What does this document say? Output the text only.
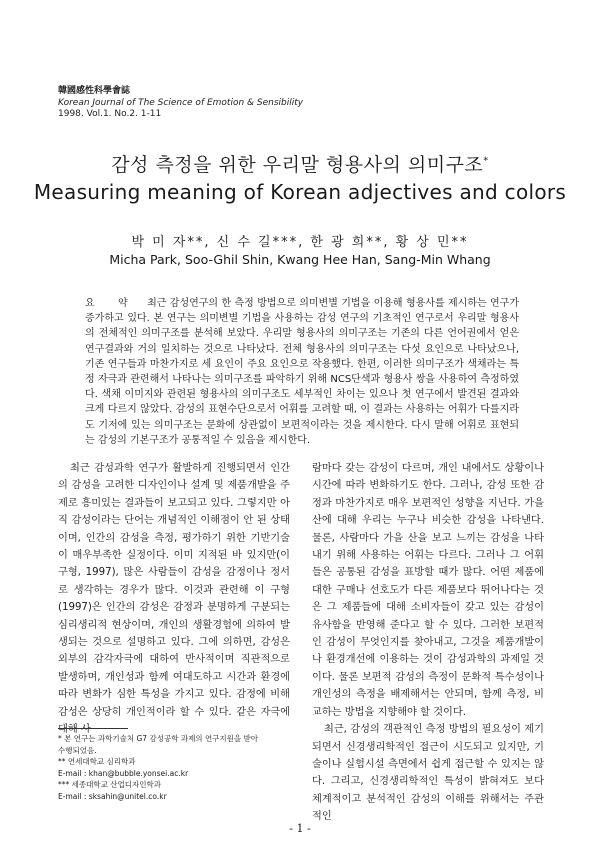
韓國感性科學會誌
Korean Journal of The Science of Emotion & Sensibility
1998. Vol.1. No.2. 1-11
감성 측정을 위한 우리말 형용사의 의미구조*
Measuring meaning of Korean adjectives and colors
박 미 자**, 신 수 길***, 한 광 희**, 황 상 민**
Micha Park, Soo-Ghil Shin, Kwang Hee Han, Sang-Min Whang
요 약 최근 감성연구의 한 측정 방법으로 의미변별 기법을 이용해 형용사를 제시하는 연구가 증가하고 있다. 본 연구는 의미변별 기법을 사용하는 감성 연구의 기초적인 연구로서 우리말 형용사의 전체적인 의미구조를 분석해 보았다. 우리말 형용사의 의미구조는 기존의 다른 언어권에서 얻은 연구결과와 거의 일치하는 것으로 나타났다. 전체 형용사의 의미구조는 다섯 요인으로 나타났으나, 기존 연구들과 마찬가지로 세 요인이 주요 요인으로 작용했다. 한편, 이러한 의미구조가 색채라는 특정 자극과 관련해서 나타나는 의미구조를 파악하기 위해 NCS단색과 형용사 쌍을 사용하여 측정하였다. 색채 이미지와 관련된 형용사의 의미구조도 세부적인 차이는 있으나 첫 연구에서 발견된 결과와 크게 다르지 않았다. 감성의 표현수단으로서 어휘를 고려할 때, 이 결과는 사용하는 어휘가 다를지라도 기저에 있는 의미구조는 문화에 상관없이 보편적이라는 것을 제시한다. 다시 말해 어휘로 표현되는 감성의 기본구조가 공통적일 수 있음을 제시한다.

최근 감성과학 연구가 활발하게 진행되면서 인간의 감성을 고려한 디자인이나 설계 및 제품개발을 주제로 흥미있는 결과들이 보고되고 있다. 그렇지만 아직 감성이라는 단어는 개념적인 이해점이 안 된 상태이며, 인간의 감성을 측정, 평가하기 위한 기반기술이 매우부족한 실정이다. 이미 지적된 바 있지만(이구형, 1997), 많은 사람들이 감성을 감정이나 정서로 생각하는 경우가 많다. 이것과 관련해 이 구형(1997)은 인간의 감성은 감정과 분명하게 구분되는 심리생리적 현상이며, 개인의 생활경험에 의하여 발생되는 것으로 설명하고 있다. 그에 의하면, 감성은 외부의 감각자극에 대하여 반사적이며 직관적으로 발생하며, 개인성과 함께 여대도하고 시간과 환경에 따라 변화가 심한 특성을 가지고 있다. 감정에 비해 감성은 상당히 개인적이라 할 수 있다. 같은 자극에 대해 사

람마다 갖는 감성이 다르며, 개인 내에서도 상황이나 시간에 따라 변화하기도 한다. 그러나, 감성 또한 감정과 마찬가지로 매우 보편적인 성향을 지닌다. 가을산에 대해 우리는 누구나 비슷한 감성을 나타낸다. 물론, 사람마다 가을 산을 보고 느끼는 감성을 나타내기 위해 사용하는 어휘는 다르다. 그러나 그 어휘들은 공통된 감성을 표방할 때가 많다. 어떤 제품에 대한 구매나 선호도가 다른 제품보다 뛰어나다는 것은 그 제품들에 대해 소비자들이 갖고 있는 감성이 유사함을 반영해 준다고 할 수 있다. 그러한 보편적인 감성이 무엇인지를 찾아내고, 그것을 제품개발이나 환경개선에 이용하는 것이 감성과학의 과제일 것이다. 물론 보편적 감성의 측정이 문화적 특수성이나 개인성의 측정을 배제해서는 안되며, 함께 측정, 비교하는 방법을 지향해야 할 것이다.

최근, 감성의 객관적인 측정 방법의 필요성이 제기되면서 신경생리학적인 접근이 시도되고 있지만, 기술이나 실험시설 측면에서 쉽게 접근할 수 있지는 않다. 그리고, 신경생리학적인 특성이 밝혀져도 보다 체계적이고 분석적인 감성의 이해를 위해서는 주관적인

* 본 연구는 과학기술처 G7 감성공학 과제의 연구지원을 받아
수행되었음.
** 연세대학교 심리학과
E-mail : khan@bubble.yonsei.ac.kr
*** 세종대학교 산업디자인학과
E-mail : sksahin@unitel.co.kr
- 1 -
